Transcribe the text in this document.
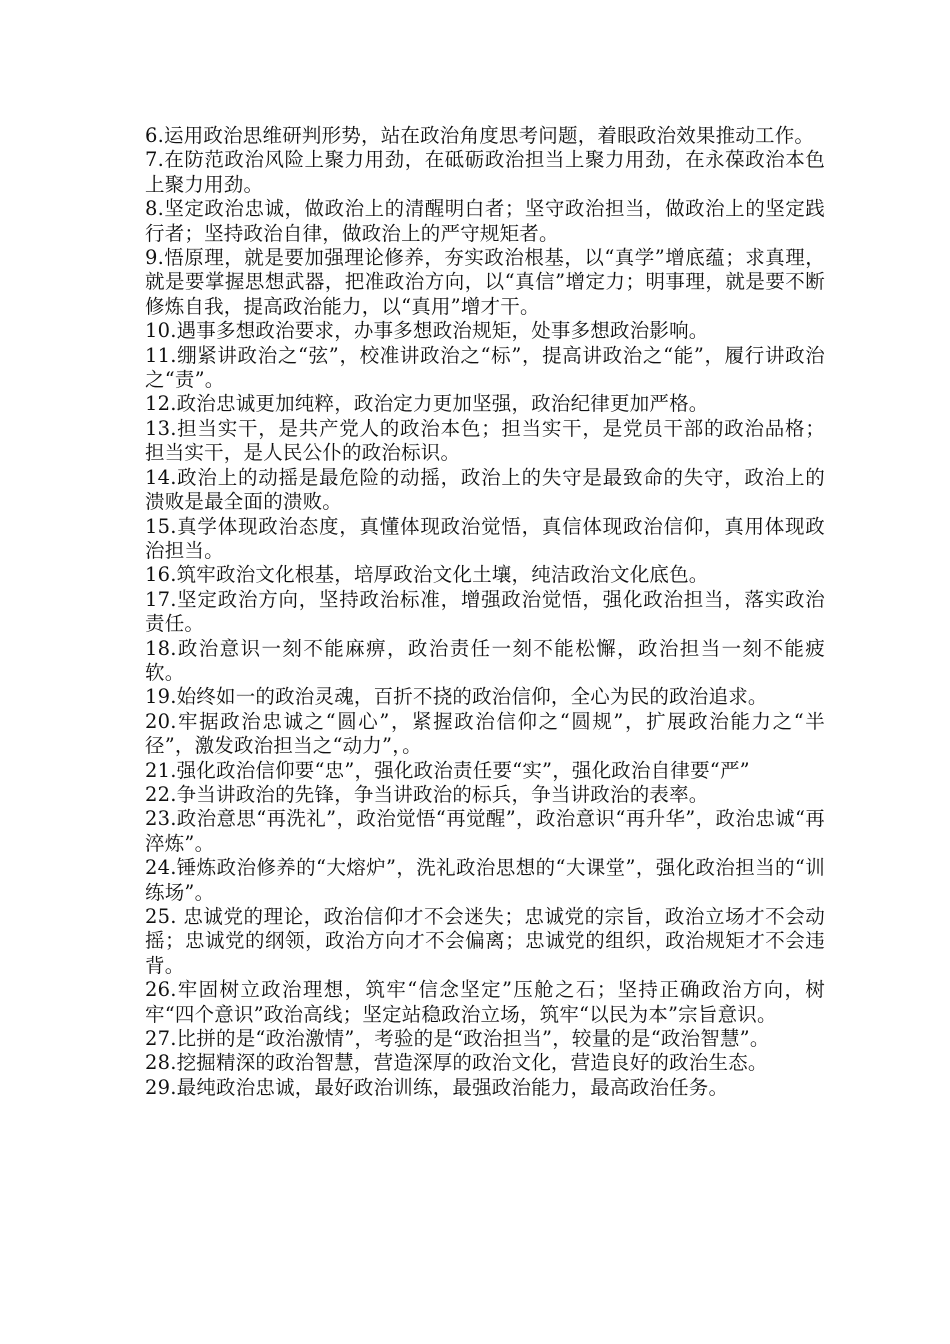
6.运用政治思维研判形势，站在政治角度思考问题，着眼政治效果推动工作。

7.在防范政治风险上聚力用劲，在砥砺政治担当上聚力用劲，在永葆政治本色上聚力用劲。

8.坚定政治忠诚，做政治上的清醒明白者；坚守政治担当，做政治上的坚定践行者；坚持政治自律，做政治上的严守规矩者。

9.悟原理，就是要加强理论修养，夯实政治根基，以“真学”增底蕴；求真理，就是要掌握思想武器，把准政治方向，以“真信”增定力；明事理，就是要不断修炼自我，提高政治能力，以“真用”增才干。

10.遇事多想政治要求，办事多想政治规矩，处事多想政治影响。

11.绷紧讲政治之“弦”，校准讲政治之“标”，提高讲政治之“能”，履行讲政治之“责”。

12.政治忠诚更加纯粹，政治定力更加坚强，政治纪律更加严格。

13.担当实干，是共产党人的政治本色；担当实干，是党员干部的政治品格；担当实干，是人民公仆的政治标识。

14.政治上的动摇是最危险的动摇，政治上的失守是最致命的失守，政治上的溃败是最全面的溃败。

15.真学体现政治态度，真懂体现政治觉悟，真信体现政治信仰，真用体现政治担当。

16.筑牢政治文化根基，培厚政治文化土壤，纯洁政治文化底色。

17.坚定政治方向，坚持政治标准，增强政治觉悟，强化政治担当，落实政治责任。

18.政治意识一刻不能麻痹，政治责任一刻不能松懈，政治担当一刻不能疲软。

19.始终如一的政治灵魂，百折不挠的政治信仰，全心为民的政治追求。

20.牢据政治忠诚之“圆心”，紧握政治信仰之“圆规”，扩展政治能力之“半径”，激发政治担当之“动力”，。

21.强化政治信仰要“忠”，强化政治责任要“实”，强化政治自律要“严”

22.争当讲政治的先锋，争当讲政治的标兵，争当讲政治的表率。

23.政治意思“再洗礼”，政治觉悟“再觉醒”，政治意识“再升华”，政治忠诚“再淬炼”。

24.锤炼政治修养的“大熔炉”，洗礼政治思想的“大课堂”，强化政治担当的“训练场”。

25. 忠诚党的理论，政治信仰才不会迷失；忠诚党的宗旨，政治立场才不会动摇；忠诚党的纲领，政治方向才不会偏离；忠诚党的组织，政治规矩才不会违背。

26.牢固树立政治理想，筑牢“信念坚定”压舱之石；坚持正确政治方向，树牢“四个意识”政治高线；坚定站稳政治立场，筑牢“以民为本”宗旨意识。

27.比拼的是“政治激情”，考验的是“政治担当”，较量的是“政治智慧”。

28.挖掘精深的政治智慧，营造深厚的政治文化，营造良好的政治生态。

29.最纯政治忠诚，最好政治训练，最强政治能力，最高政治任务。
